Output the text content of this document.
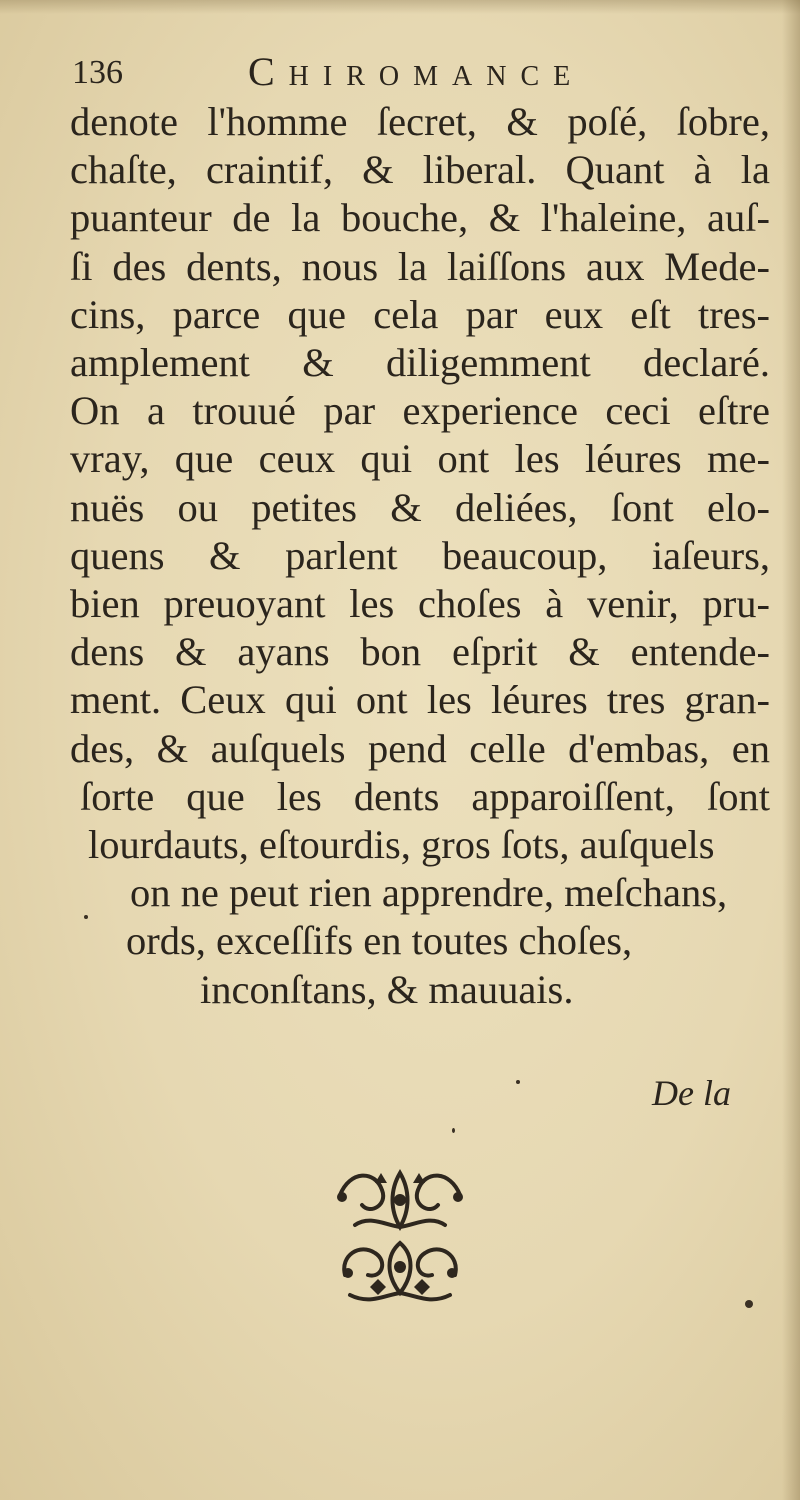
136	Chiromance
denote l'homme ſecret, & poſé, ſobre,
chaſte, craintif, & liberal. Quant à la
puanteur de la bouche, & l'haleine, auſ-
ſi des dents, nous la laiſſons aux Mede-
cins, parce que cela par eux eſt tres-
amplement & diligemment declaré.
On a trouué par experience ceci eſtre
vray, que ceux qui ont les léures me-
nuës ou petites & deliées, ſont elo-
quens & parlent beaucoup, iaſeurs,
bien preuoyant les choſes à venir, pru-
dens & ayans bon eſprit & entende-
ment. Ceux qui ont les léures tres gran-
des, & auſquels pend celle d'embas, en
ſorte que les dents apparoiſſent, ſont
lourdauts, eſtourdis, gros ſots, auſquels
on ne peut rien apprendre, meſchans,
ords, exceſſifs en toutes choſes,
inconſtans, & mauuais.
De la
